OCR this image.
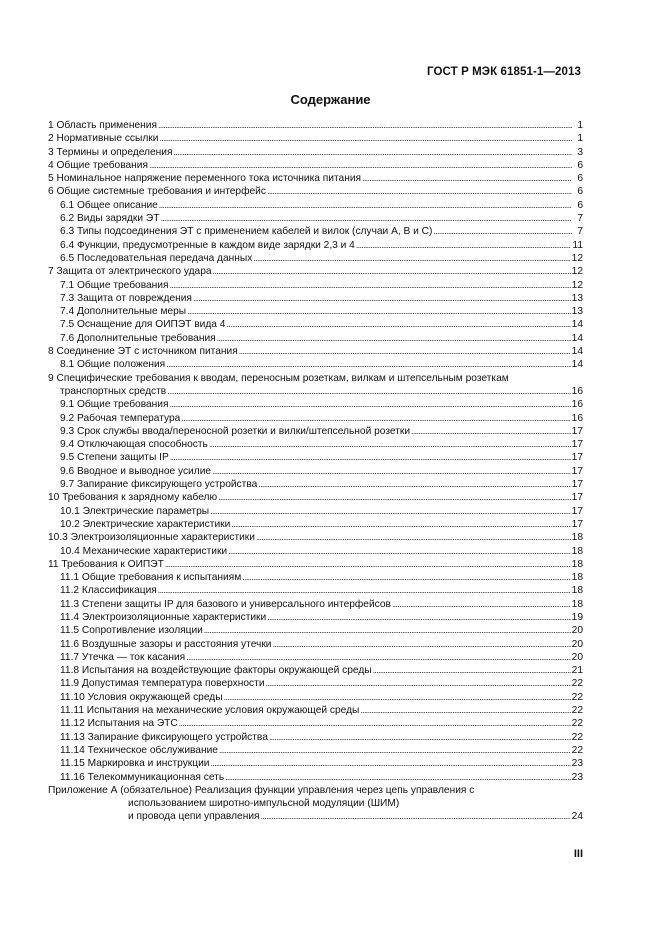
ГОСТ Р МЭК 61851-1—2013
Содержание
1 Область применения . . .	1
2 Нормативные ссылки . . .	1
3 Термины и определения . . .	3
4 Общие требования . . .	6
5 Номинальное напряжение переменного тока источника питания . . .	6
6 Общие системные требования и интерфейс . . .	6
6.1 Общее описание . . .	6
6.2 Виды зарядки ЭТ . . .	7
6.3 Типы подсоединения ЭТ с применением кабелей и вилок (случаи А, В и С) . . .	7
6.4 Функции, предусмотренные в каждом виде зарядки 2,3 и 4 . . .	11
6.5 Последовательная передача данных . . .	12
7 Защита от электрического удара . . .	12
7.1 Общие требования . . .	12
7.3 Защита от повреждения . . .	13
7.4 Дополнительные меры . . .	13
7.5 Оснащение для ОИПЭТ вида 4 . . .	14
7.6 Дополнительные требования . . .	14
8 Соединение ЭТ с источником питания . . .	14
8.1 Общие положения . . .	14
9 Специфические требования к вводам, переносным розеткам, вилкам и штепсельным розеткам
транспортных средств . . .	16
9.1 Общие требования . . .	16
9.2 Рабочая температура . . .	16
9.3 Срок службы ввода/переносной розетки и вилки/штепсельной розетки . . .	17
9.4 Отключающая способность . . .	17
9.5 Степени защиты IP . . .	17
9.6 Вводное и выводное усилие . . .	17
9.7 Запирание фиксирующего устройства . . .	17
10 Требования к зарядному кабелю . . .	17
10.1 Электрические параметры . . .	17
10.2 Электрические характеристики . . .	17
10.3 Электроизоляционные характеристики . . .	18
10.4 Механические характеристики . . .	18
11 Требования к ОИПЭТ . . .	18
11.1 Общие требования к испытаниям . . .	18
11.2 Классификация . . .	18
11.3 Степени защиты IP для базового и универсального интерфейсов . . .	18
11.4 Электроизоляционные характеристики . . .	19
11.5 Сопротивление изоляции . . .	20
11.6 Воздушные зазоры и расстояния утечки . . .	20
11.7 Утечка — ток касания . . .	20
11.8 Испытания на воздействующие факторы окружающей среды . . .	21
11.9 Допустимая температура поверхности . . .	22
11.10 Условия окружающей среды . . .	22
11.11 Испытания на механические условия окружающей среды . . .	22
11.12 Испытания на ЭТС . . .	22
11.13 Запирание фиксирующего устройства . . .	22
11.14 Техническое обслуживание . . .	22
11.15 Маркировка и инструкции . . .	23
11.16 Телекоммуникационная сеть . . .	23
Приложение А (обязательное) Реализация функции управления через цепь управления с
использованием широтно-импульсной модуляции (ШИМ)
и провода цепи управления . . .	24
III
